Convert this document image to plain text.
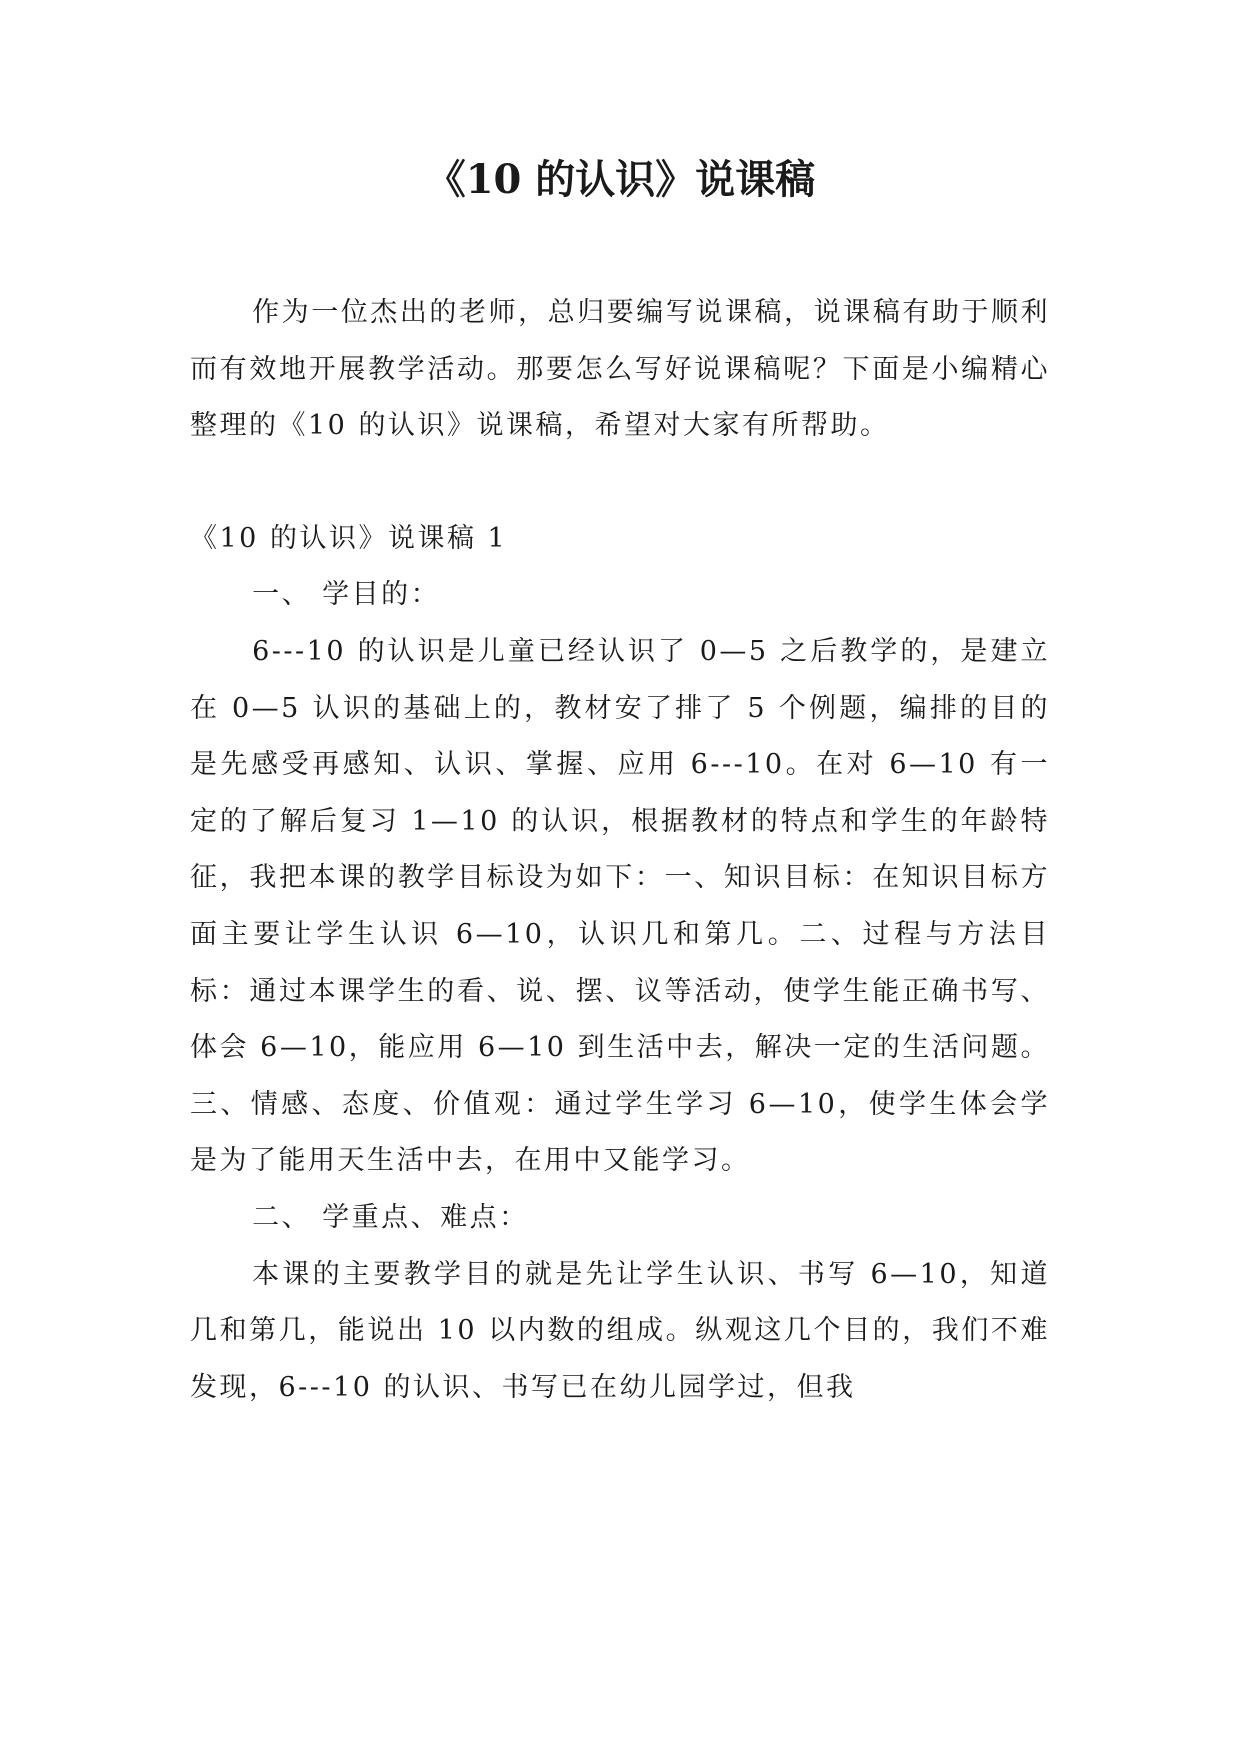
《10 的认识》说课稿

作为一位杰出的老师，总归要编写说课稿，说课稿有助于顺利而有效地开展教学活动。那要怎么写好说课稿呢？下面是小编精心整理的《10 的认识》说课稿，希望对大家有所帮助。

《10 的认识》说课稿 1

一、 学目的：

6---10 的认识是儿童已经认识了 0—5 之后教学的，是建立在 0—5 认识的基础上的，教材安了排了 5 个例题，编排的目的是先感受再感知、认识、掌握、应用 6---10。在对 6—10 有一定的了解后复习 1—10 的认识，根据教材的特点和学生的年龄特征，我把本课的教学目标设为如下：一、知识目标：在知识目标方面主要让学生认识 6—10，认识几和第几。二、过程与方法目标：通过本课学生的看、说、摆、议等活动，使学生能正确书写、体会 6—10，能应用 6—10 到生活中去，解决一定的生活问题。三、情感、态度、价值观：通过学生学习 6—10，使学生体会学是为了能用天生活中去，在用中又能学习。

二、 学重点、难点：

本课的主要教学目的就是先让学生认识、书写 6—10，知道几和第几，能说出 10 以内数的组成。纵观这几个目的，我们不难发现，6---10 的认识、书写已在幼儿园学过，但我
